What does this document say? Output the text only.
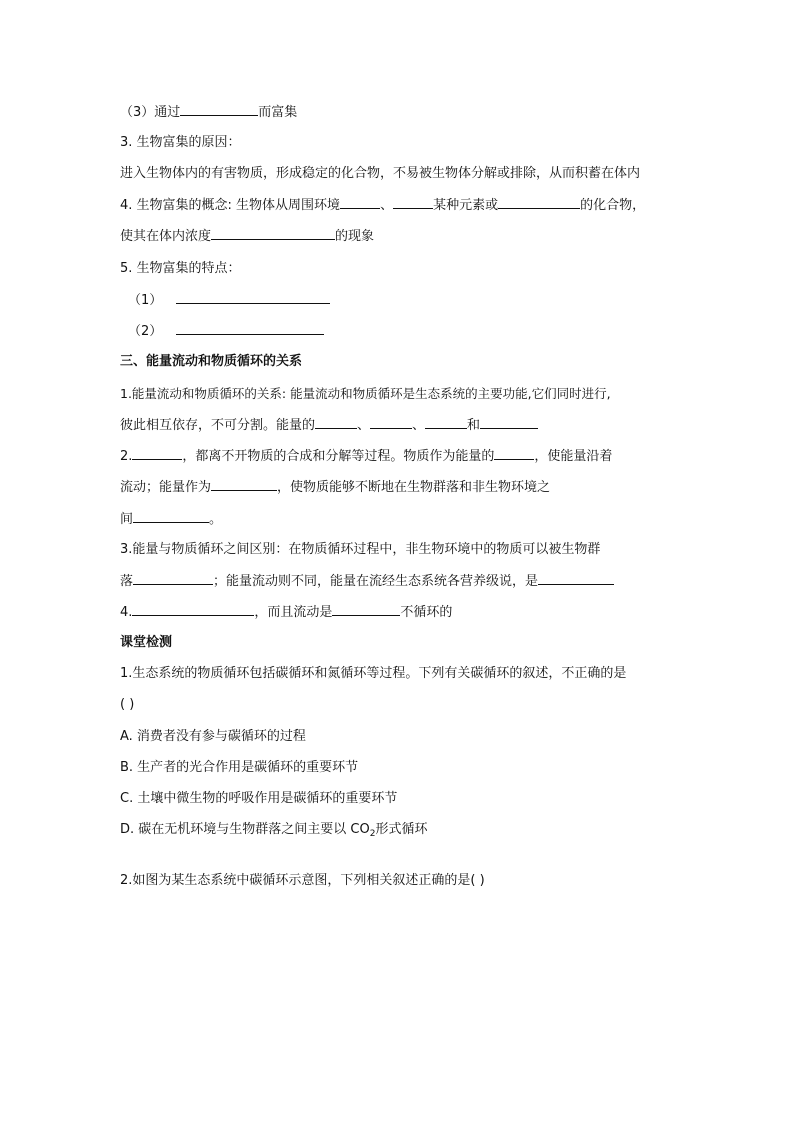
（3）通过	而富集
3. 生物富集的原因：
进入生物体内的有害物质，形成稳定的化合物，不易被生物体分解或排除，从而积蓄在体内
4. 生物富集的概念: 生物体从周围环境	、	某种元素或	的化合物，
使其在体内浓度	的现象
5. 生物富集的特点：
（1）
（2）
三、能量流动和物质循环的关系
1.能量流动和物质循环的关系: 能量流动和物质循环是生态系统的主要功能,它们同时进行,
彼此相互依存，不可分割。能量的	、	、	和
2.	，都离不开物质的合成和分解等过程。物质作为能量的	，使能量沿着
流动；能量作为	，使物质能够不断地在生物群落和非生物环境之
间	。
3.能量与物质循环之间区别：在物质循环过程中，非生物环境中的物质可以被生物群
落	；能量流动则不同，能量在流经生态系统各营养级说，是
4.	，而且流动是	不循环的
课堂检测
1.生态系统的物质循环包括碳循环和氮循环等过程。下列有关碳循环的叙述，不正确的是
( )
A. 消费者没有参与碳循环的过程
B. 生产者的光合作用是碳循环的重要环节
C. 土壤中微生物的呼吸作用是碳循环的重要环节
D. 碳在无机环境与生物群落之间主要以 $CO_2$形式循环
2.如图为某生态系统中碳循环示意图，下列相关叙述正确的是( )
